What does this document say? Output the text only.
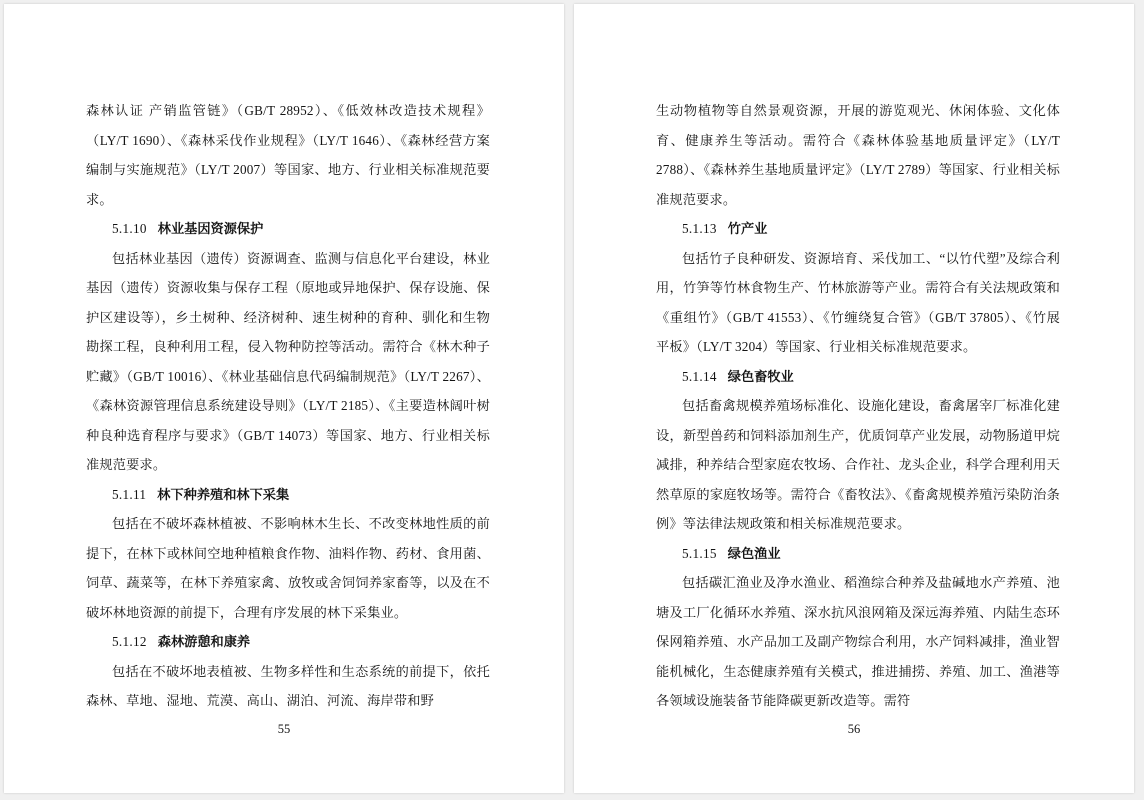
森林认证 产销监管链》（GB/T 28952）、《低效林改造技术规程》（LY/T 1690）、《森林采伐作业规程》（LY/T 1646）、《森林经营方案编制与实施规范》（LY/T 2007）等国家、地方、行业相关标准规范要求。

5.1.10 林业基因资源保护

包括林业基因（遗传）资源调查、监测与信息化平台建设，林业基因（遗传）资源收集与保存工程（原地或异地保护、保存设施、保护区建设等），乡土树种、经济树种、速生树种的育种、驯化和生物勘探工程，良种利用工程，侵入物种防控等活动。需符合《林木种子贮藏》（GB/T 10016）、《林业基础信息代码编制规范》（LY/T 2267）、《森林资源管理信息系统建设导则》（LY/T 2185）、《主要造林阔叶树种良种选育程序与要求》（GB/T 14073）等国家、地方、行业相关标准规范要求。

5.1.11 林下种养殖和林下采集

包括在不破坏森林植被、不影响林木生长、不改变林地性质的前提下，在林下或林间空地种植粮食作物、油料作物、药材、食用菌、饲草、蔬菜等，在林下养殖家禽、放牧或舍饲饲养家畜等，以及在不破坏林地资源的前提下，合理有序发展的林下采集业。

5.1.12 森林游憩和康养

包括在不破坏地表植被、生物多样性和生态系统的前提下，依托森林、草地、湿地、荒漠、高山、湖泊、河流、海岸带和野

55

生动物植物等自然景观资源，开展的游览观光、休闲体验、文化体育、健康养生等活动。需符合《森林体验基地质量评定》（LY/T 2788）、《森林养生基地质量评定》（LY/T 2789）等国家、行业相关标准规范要求。

5.1.13 竹产业

包括竹子良种研发、资源培育、采伐加工、“以竹代塑”及综合利用，竹笋等竹林食物生产、竹林旅游等产业。需符合有关法规政策和《重组竹》（GB/T 41553）、《竹缠绕复合管》（GB/T 37805）、《竹展平板》（LY/T 3204）等国家、行业相关标准规范要求。

5.1.14 绿色畜牧业

包括畜禽规模养殖场标准化、设施化建设，畜禽屠宰厂标准化建设，新型兽药和饲料添加剂生产，优质饲草产业发展，动物肠道甲烷减排，种养结合型家庭农牧场、合作社、龙头企业，科学合理利用天然草原的家庭牧场等。需符合《畜牧法》、《畜禽规模养殖污染防治条例》等法律法规政策和相关标准规范要求。

5.1.15 绿色渔业

包括碳汇渔业及净水渔业、稻渔综合种养及盐碱地水产养殖、池塘及工厂化循环水养殖、深水抗风浪网箱及深远海养殖、内陆生态环保网箱养殖、水产品加工及副产物综合利用，水产饲料减排，渔业智能机械化，生态健康养殖有关模式，推进捕捞、养殖、加工、渔港等各领域设施装备节能降碳更新改造等。需符

56
